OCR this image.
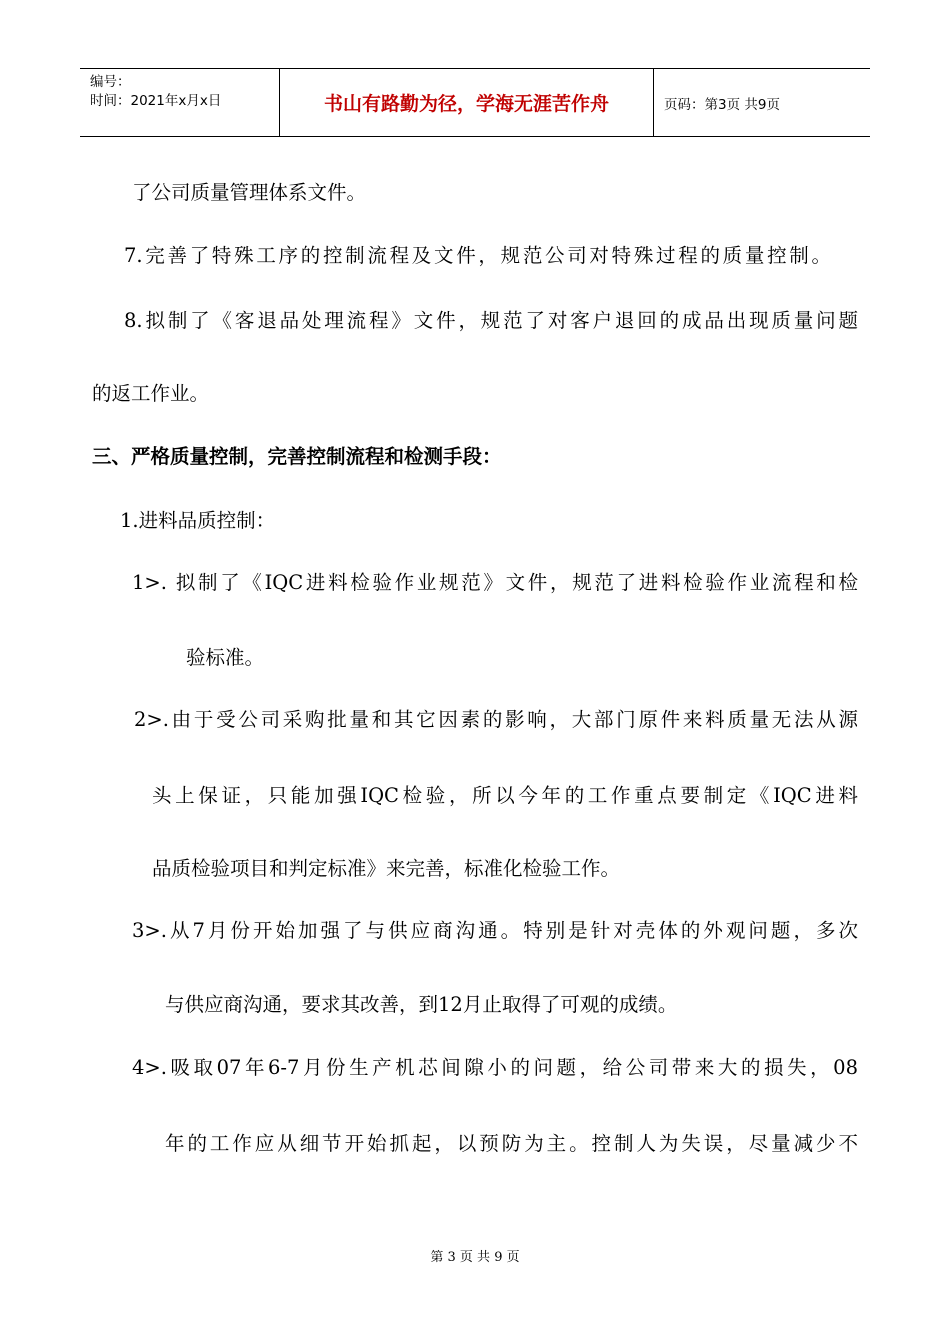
编号：
时间：2021年x月x日	书山有路勤为径，学海无涯苦作舟	页码：第3页 共9页
了公司质量管理体系文件。
7.完善了特殊工序的控制流程及文件，规范公司对特殊过程的质量控制。
8.拟制了《客退品处理流程》文件，规范了对客户退回的成品出现质量问题
的返工作业。
三、严格质量控制，完善控制流程和检测手段：
1.进料品质控制：
1>. 拟制了《IQC进料检验作业规范》文件，规范了进料检验作业流程和检
验标准。
2>.由于受公司采购批量和其它因素的影响，大部门原件来料质量无法从源
头上保证，只能加强IQC检验，所以今年的工作重点要制定《IQC进料
品质检验项目和判定标准》来完善，标准化检验工作。
3>.从7月份开始加强了与供应商沟通。特别是针对壳体的外观问题，多次
与供应商沟通，要求其改善，到12月止取得了可观的成绩。
4>.吸取07年6-7月份生产机芯间隙小的问题，给公司带来大的损失，08
年的工作应从细节开始抓起，以预防为主。控制人为失误，尽量减少不
第 3 页 共 9 页
